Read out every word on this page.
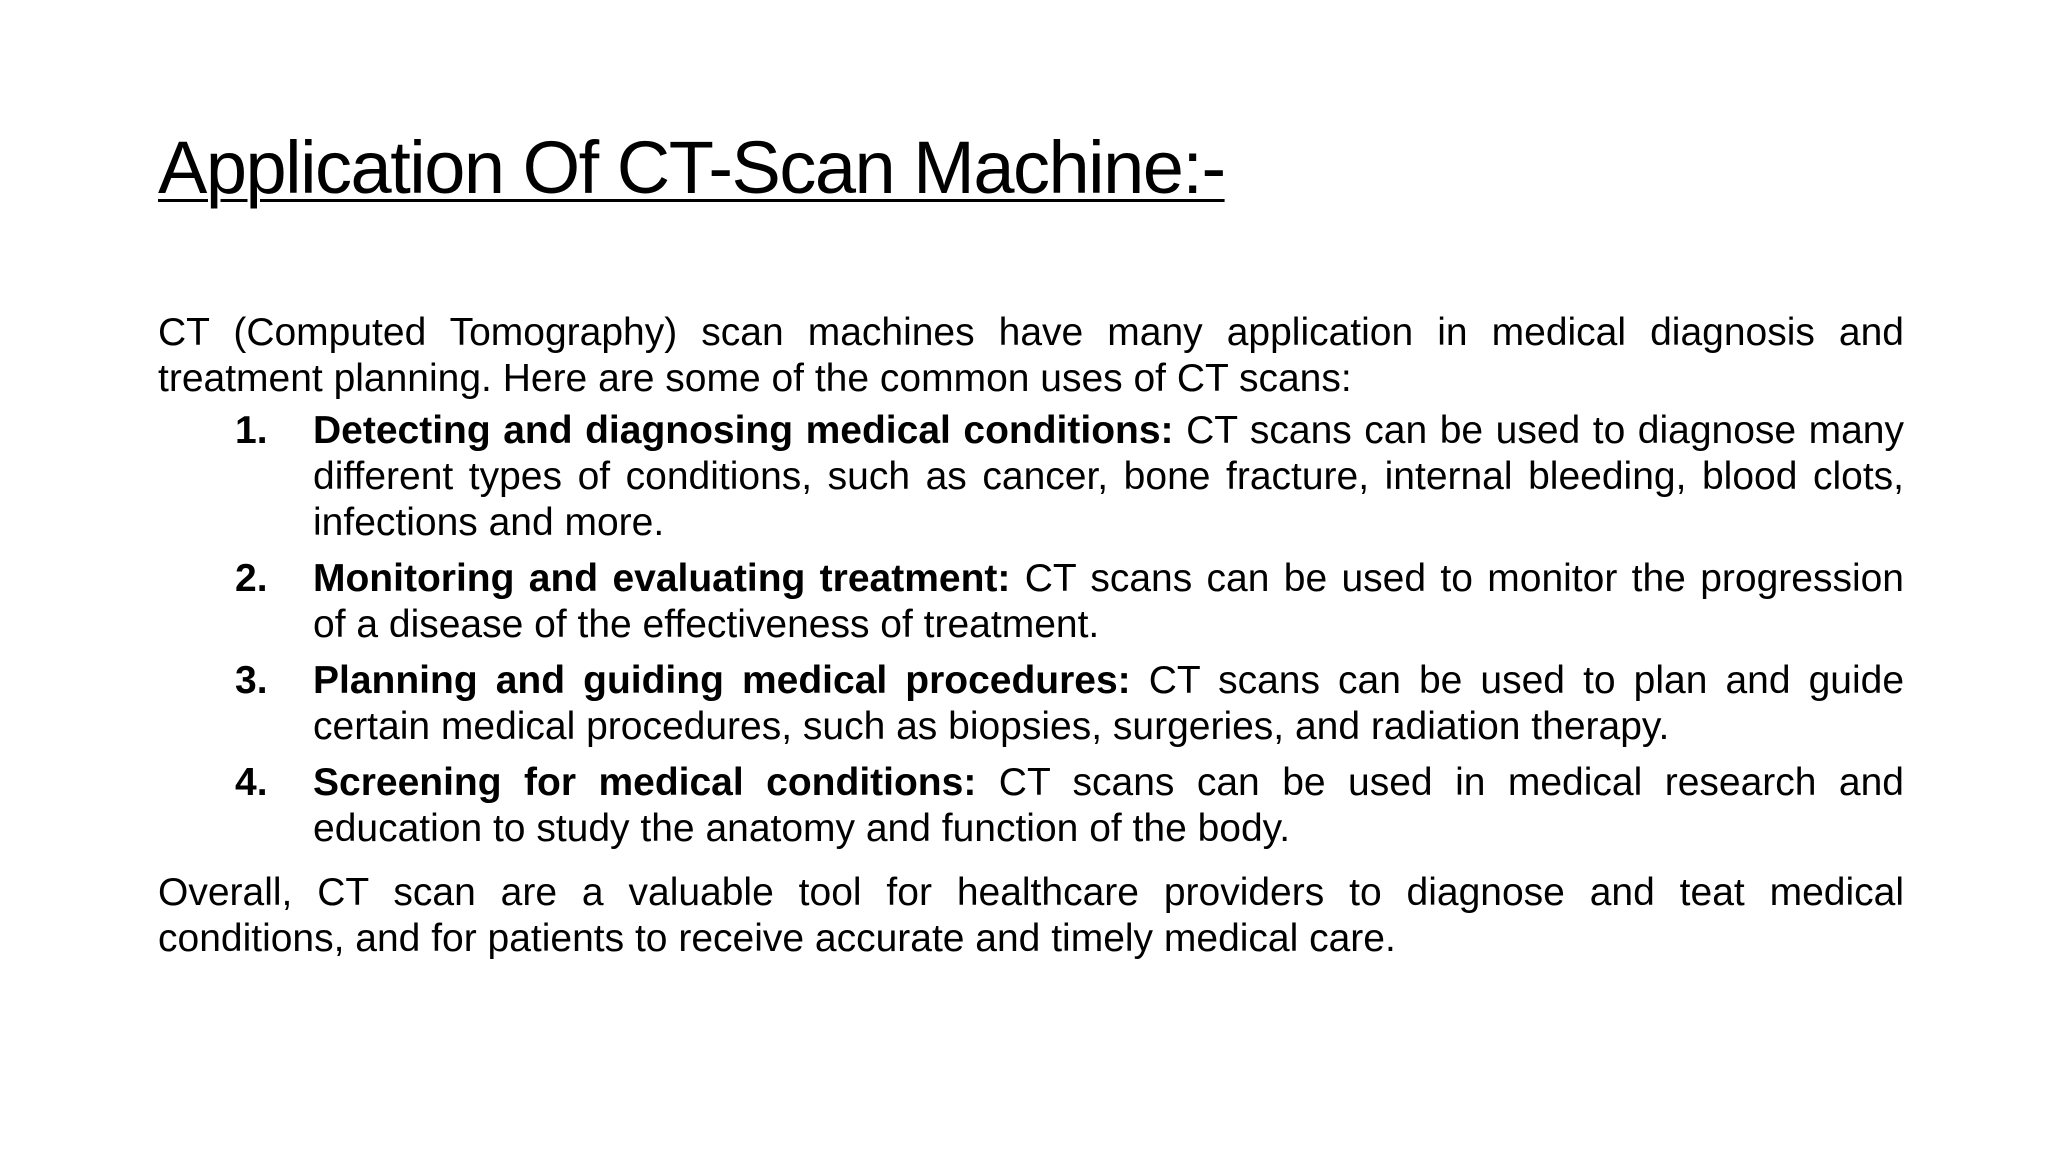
Application Of CT-Scan Machine:-

CT (Computed Tomography) scan machines have many application in medical diagnosis and treatment planning. Here are some of the common uses of CT scans:

1. Detecting and diagnosing medical conditions: CT scans can be used to diagnose many different types of conditions, such as cancer, bone fracture, internal bleeding, blood clots, infections and more.
2. Monitoring and evaluating treatment: CT scans can be used to monitor the progression of a disease of the effectiveness of treatment.
3. Planning and guiding medical procedures: CT scans can be used to plan and guide certain medical procedures, such as biopsies, surgeries, and radiation therapy.
4. Screening for medical conditions: CT scans can be used in medical research and education to study the anatomy and function of the body.

Overall, CT scan are a valuable tool for healthcare providers to diagnose and teat medical conditions, and for patients to receive accurate and timely medical care.
